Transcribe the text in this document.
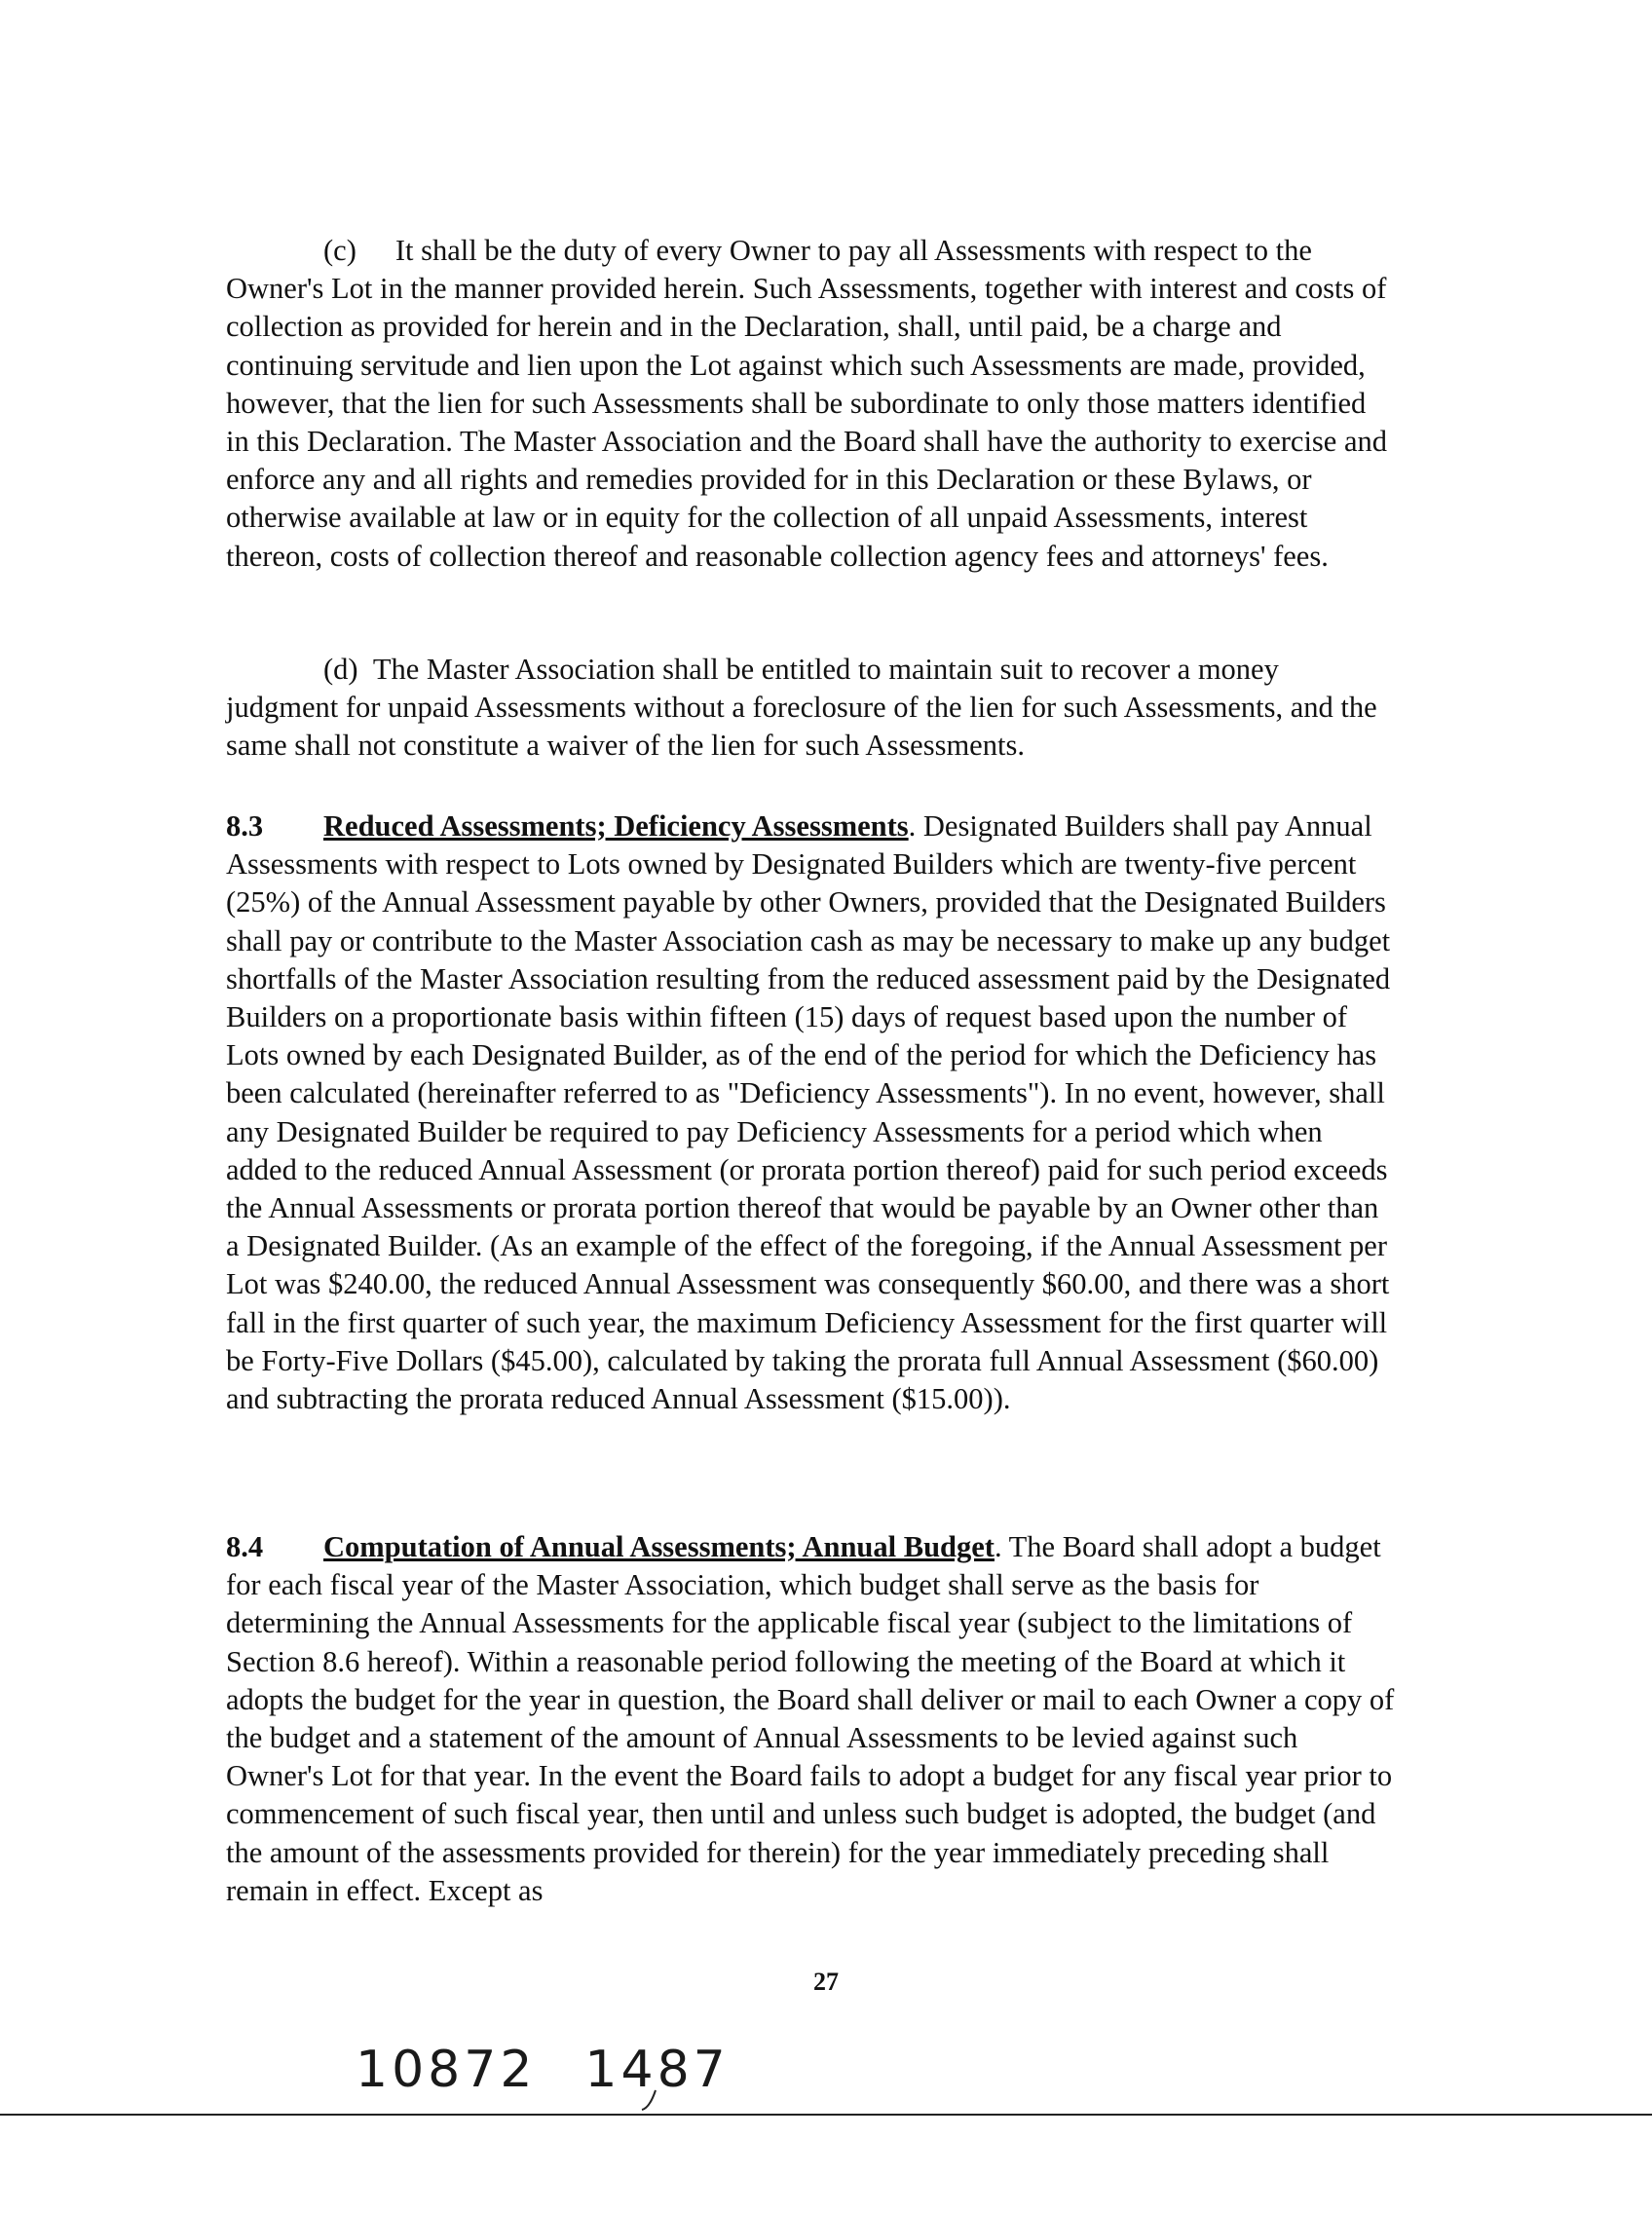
(c) It shall be the duty of every Owner to pay all Assessments with respect to the Owner's Lot in the manner provided herein. Such Assessments, together with interest and costs of collection as provided for herein and in the Declaration, shall, until paid, be a charge and continuing servitude and lien upon the Lot against which such Assessments are made, provided, however, that the lien for such Assessments shall be subordinate to only those matters identified in this Declaration. The Master Association and the Board shall have the authority to exercise and enforce any and all rights and remedies provided for in this Declaration or these Bylaws, or otherwise available at law or in equity for the collection of all unpaid Assessments, interest thereon, costs of collection thereof and reasonable collection agency fees and attorneys' fees.

(d) The Master Association shall be entitled to maintain suit to recover a money judgment for unpaid Assessments without a foreclosure of the lien for such Assessments, and the same shall not constitute a waiver of the lien for such Assessments.

8.3 Reduced Assessments; Deficiency Assessments. Designated Builders shall pay Annual Assessments with respect to Lots owned by Designated Builders which are twenty-five percent (25%) of the Annual Assessment payable by other Owners, provided that the Designated Builders shall pay or contribute to the Master Association cash as may be necessary to make up any budget shortfalls of the Master Association resulting from the reduced assessment paid by the Designated Builders on a proportionate basis within fifteen (15) days of request based upon the number of Lots owned by each Designated Builder, as of the end of the period for which the Deficiency has been calculated (hereinafter referred to as "Deficiency Assessments"). In no event, however, shall any Designated Builder be required to pay Deficiency Assessments for a period which when added to the reduced Annual Assessment (or prorata portion thereof) paid for such period exceeds the Annual Assessments or prorata portion thereof that would be payable by an Owner other than a Designated Builder. (As an example of the effect of the foregoing, if the Annual Assessment per Lot was $240.00, the reduced Annual Assessment was consequently $60.00, and there was a short fall in the first quarter of such year, the maximum Deficiency Assessment for the first quarter will be Forty-Five Dollars ($45.00), calculated by taking the prorata full Annual Assessment ($60.00) and subtracting the prorata reduced Annual Assessment ($15.00)).

8.4 Computation of Annual Assessments; Annual Budget. The Board shall adopt a budget for each fiscal year of the Master Association, which budget shall serve as the basis for determining the Annual Assessments for the applicable fiscal year (subject to the limitations of Section 8.6 hereof). Within a reasonable period following the meeting of the Board at which it adopts the budget for the year in question, the Board shall deliver or mail to each Owner a copy of the budget and a statement of the amount of Annual Assessments to be levied against such Owner's Lot for that year. In the event the Board fails to adopt a budget for any fiscal year prior to commencement of such fiscal year, then until and unless such budget is adopted, the budget (and the amount of the assessments provided for therein) for the year immediately preceding shall remain in effect. Except as

27
10872 1487
